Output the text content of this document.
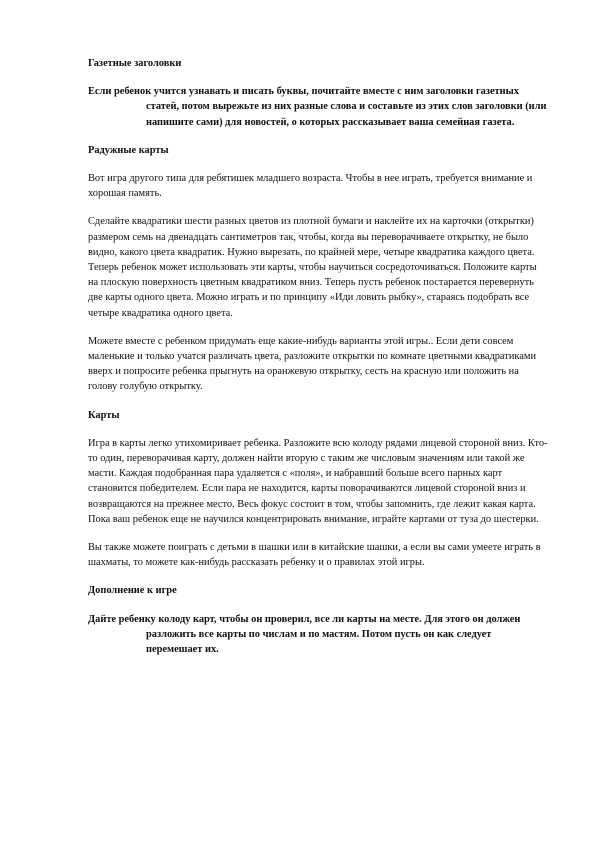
Газетные заголовки

Если ребенок учится узнавать и писать буквы, почитайте вместе с ним заголовки газетных статей, потом вырежьте из них разные слова и составьте из этих слов заголовки (или напишите сами) для новостей, о которых рассказывает ваша семейная газета.

Радужные карты

Вот игра другого типа для ребятишек младшего возраста. Чтобы в нее играть, требуется внимание и хорошая память.

Сделайте квадратики шести разных цветов из плотной бумаги и наклейте их на карточки (открытки) размером семь на двенадцать сантиметров так, чтобы, когда вы переворачиваете открытку, не было видно, какого цвета квадратик. Нужно вырезать, по крайней мере, четыре квадратика каждого цвета. Теперь ребенок может использовать эти карты, чтобы научиться сосредоточиваться. Положите карты на плоскую поверхность цветным квадратиком вниз. Теперь пусть ребенок постарается перевернуть две карты одного цвета. Можно играть и по принципу «Иди ловить рыбку», стараясь подобрать все четыре квадратика одного цвета.

Можете вместе с ребенком придумать еще какие-нибудь варианты этой игры.. Если дети совсем маленькие и только учатся различать цвета, разложите открытки по комнате цветными квадратиками вверх и попросите ребенка прыгнуть на оранжевую открытку, сесть на красную или положить на голову голубую открытку.

Карты

Игра в карты легко утихомиривает ребенка. Разложите всю колоду рядами лицевой стороной вниз. Кто-то один, переворачивая карту, должен найти вторую с таким же числовым значениям или такой же масти. Каждая подобранная пара удаляется с «поля», и набравший больше всего парных карт становится победителем. Если пара не находится, карты поворачиваются лицевой стороной вниз и возвращаются на прежнее место. Весь фокус состоит в том, чтобы запомнить, где лежит какая карта. Пока ваш ребенок еще не научился концентрировать внимание, играйте картами от туза до шестерки.

Вы также можете поиграть с детьми в шашки или в китайские шашки, а если вы сами умеете играть в шахматы, то можете как-нибудь рассказать ребенку и о правилах этой игры.

Дополнение к игре

Дайте ребенку колоду карт, чтобы он проверил, все ли карты на месте. Для этого он должен разложить все карты по числам и по мастям. Потом пусть он как следует перемешает их.
